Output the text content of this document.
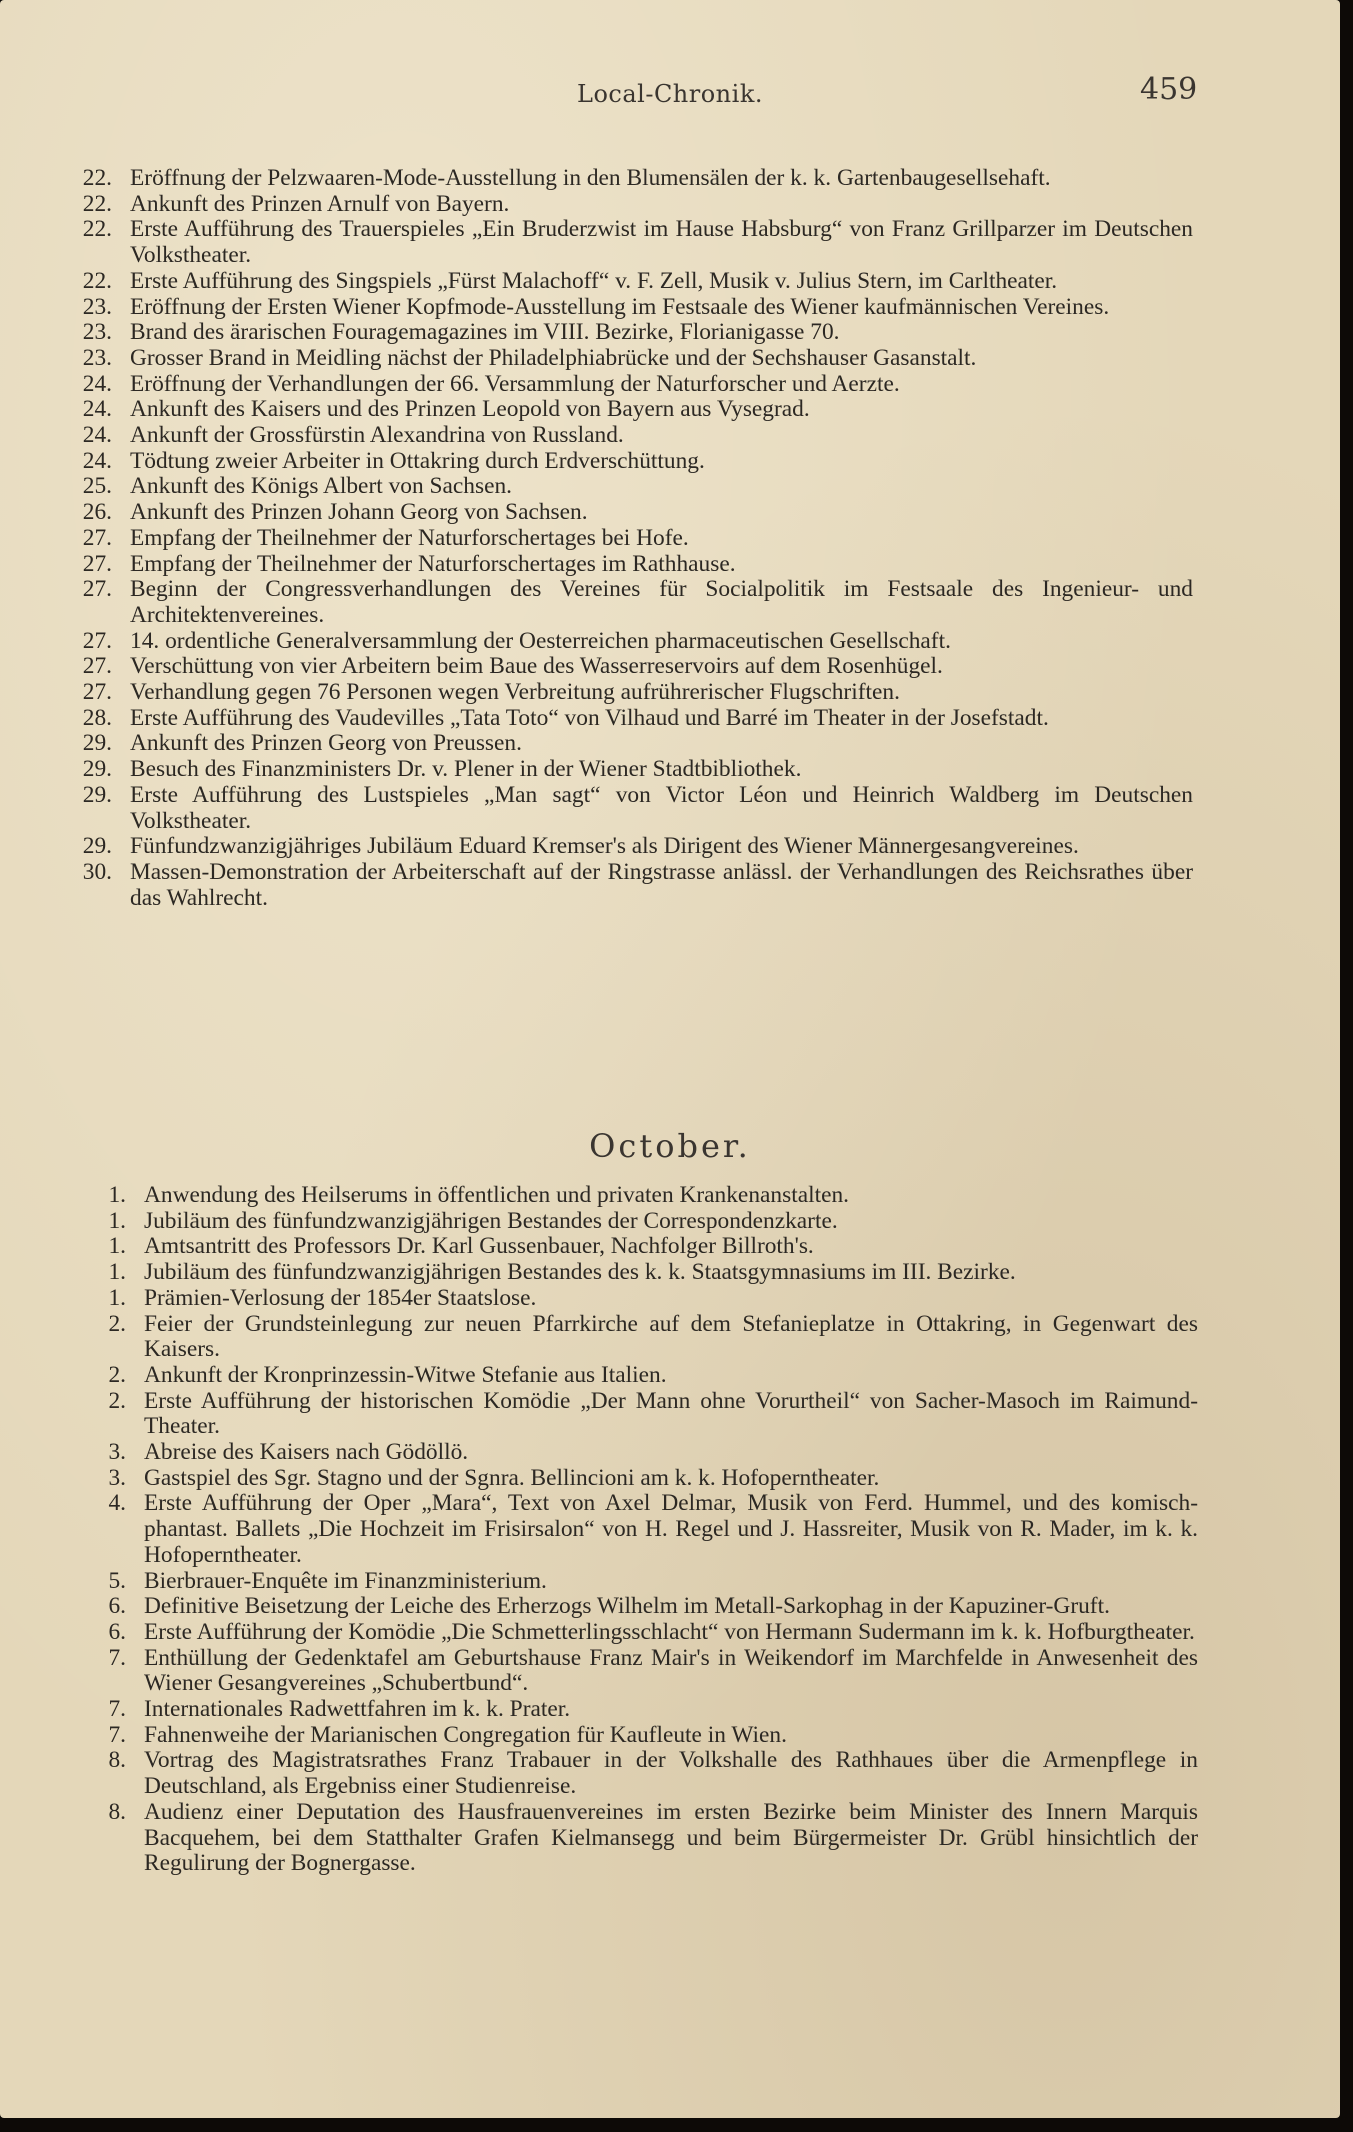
Local-Chronik.	459

22. Eröffnung der Pelzwaaren-Mode-Ausstellung in den Blumensälen der k. k. Gartenbaugesellsehaft.

22. Ankunft des Prinzen Arnulf von Bayern.

22. Erste Aufführung des Trauerspieles „Ein Bruderzwist im Hause Habsburg“ von Franz Grillparzer im Deutschen Volkstheater.

22. Erste Aufführung des Singspiels „Fürst Malachoff“ v. F. Zell, Musik v. Julius Stern, im Carltheater.

23. Eröffnung der Ersten Wiener Kopfmode-Ausstellung im Festsaale des Wiener kaufmännischen Vereines.

23. Brand des ärarischen Fouragemagazines im VIII. Bezirke, Florianigasse 70.

23. Grosser Brand in Meidling nächst der Philadelphiabrücke und der Sechshauser Gasanstalt.

24. Eröffnung der Verhandlungen der 66. Versammlung der Naturforscher und Aerzte.

24. Ankunft des Kaisers und des Prinzen Leopold von Bayern aus Vysegrad.

24. Ankunft der Grossfürstin Alexandrina von Russland.

24. Tödtung zweier Arbeiter in Ottakring durch Erdverschüttung.

25. Ankunft des Königs Albert von Sachsen.

26. Ankunft des Prinzen Johann Georg von Sachsen.

27. Empfang der Theilnehmer der Naturforschertages bei Hofe.

27. Empfang der Theilnehmer der Naturforschertages im Rathhause.

27. Beginn der Congressverhandlungen des Vereines für Socialpolitik im Festsaale des Ingenieur- und Architektenvereines.

27. 14. ordentliche Generalversammlung der Oesterreichen pharmaceutischen Gesellschaft.

27. Verschüttung von vier Arbeitern beim Baue des Wasserreservoirs auf dem Rosenhügel.

27. Verhandlung gegen 76 Personen wegen Verbreitung aufrührerischer Flugschriften.

28. Erste Aufführung des Vaudevilles „Tata Toto“ von Vilhaud und Barré im Theater in der Josefstadt.

29. Ankunft des Prinzen Georg von Preussen.

29. Besuch des Finanzministers Dr. v. Plener in der Wiener Stadtbibliothek.

29. Erste Aufführung des Lustspieles „Man sagt“ von Victor Léon und Heinrich Waldberg im Deutschen Volkstheater.

29. Fünfundzwanzigjähriges Jubiläum Eduard Kremser's als Dirigent des Wiener Männergesangvereines.

30. Massen-Demonstration der Arbeiterschaft auf der Ringstrasse anlässl. der Verhandlungen des Reichsrathes über das Wahlrecht.

October.

1. Anwendung des Heilserums in öffentlichen und privaten Krankenanstalten.

1. Jubiläum des fünfundzwanzigjährigen Bestandes der Correspondenzkarte.

1. Amtsantritt des Professors Dr. Karl Gussenbauer, Nachfolger Billroth's.

1. Jubiläum des fünfundzwanzigjährigen Bestandes des k. k. Staatsgymnasiums im III. Bezirke.

1. Prämien-Verlosung der 1854er Staatslose.

2. Feier der Grundsteinlegung zur neuen Pfarrkirche auf dem Stefanieplatze in Ottakring, in Gegenwart des Kaisers.

2. Ankunft der Kronprinzessin-Witwe Stefanie aus Italien.

2. Erste Aufführung der historischen Komödie „Der Mann ohne Vorurtheil“ von Sacher-Masoch im Raimund-Theater.

3. Abreise des Kaisers nach Gödöllö.

3. Gastspiel des Sgr. Stagno und der Sgnra. Bellincioni am k. k. Hofoperntheater.

4. Erste Aufführung der Oper „Mara“, Text von Axel Delmar, Musik von Ferd. Hummel, und des komisch-phantast. Ballets „Die Hochzeit im Frisirsalon“ von H. Regel und J. Hassreiter, Musik von R. Mader, im k. k. Hofoperntheater.

5. Bierbrauer-Enquête im Finanzministerium.

6. Definitive Beisetzung der Leiche des Erherzogs Wilhelm im Metall-Sarkophag in der Kapuziner-Gruft.

6. Erste Aufführung der Komödie „Die Schmetterlingsschlacht“ von Hermann Sudermann im k. k. Hofburgtheater.

7. Enthüllung der Gedenktafel am Geburtshause Franz Mair's in Weikendorf im Marchfelde in Anwesenheit des Wiener Gesangvereines „Schubertbund“.

7. Internationales Radwettfahren im k. k. Prater.

7. Fahnenweihe der Marianischen Congregation für Kaufleute in Wien.

8. Vortrag des Magistratsrathes Franz Trabauer in der Volkshalle des Rathhaues über die Armenpflege in Deutschland, als Ergebniss einer Studienreise.

8. Audienz einer Deputation des Hausfrauenvereines im ersten Bezirke beim Minister des Innern Marquis Bacquehem, bei dem Statthalter Grafen Kielmansegg und beim Bürgermeister Dr. Grübl hinsichtlich der Regulirung der Bognergasse.
